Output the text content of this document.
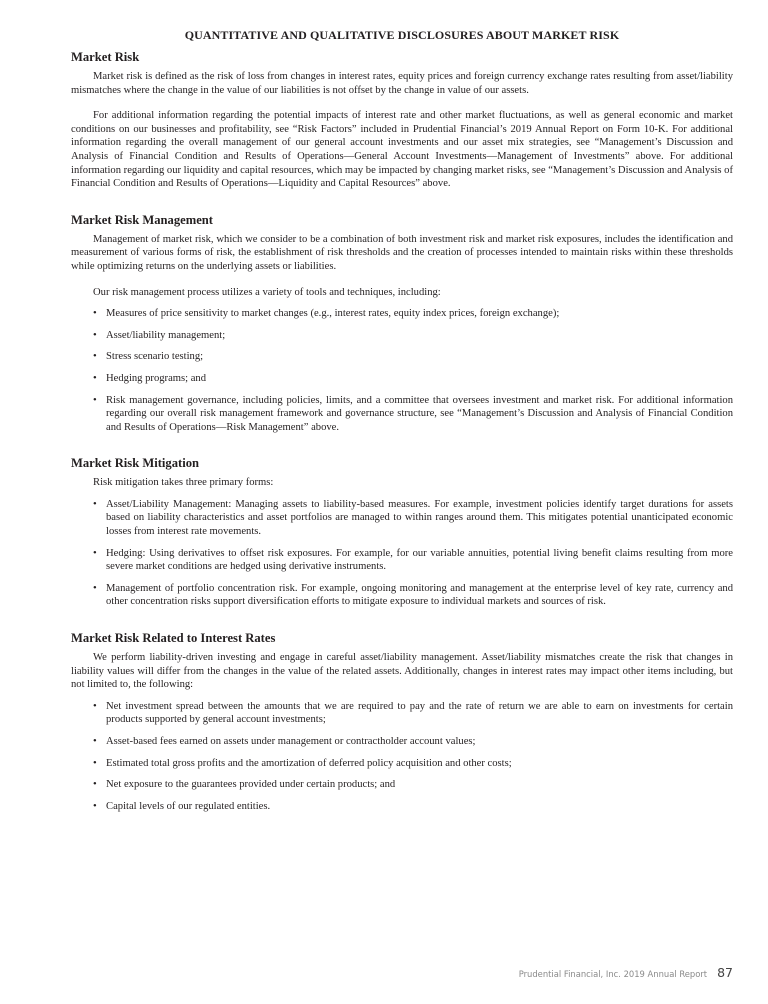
QUANTITATIVE AND QUALITATIVE DISCLOSURES ABOUT MARKET RISK
Market Risk

Market risk is defined as the risk of loss from changes in interest rates, equity prices and foreign currency exchange rates resulting from asset/liability mismatches where the change in the value of our liabilities is not offset by the change in value of our assets.

For additional information regarding the potential impacts of interest rate and other market fluctuations, as well as general economic and market conditions on our businesses and profitability, see “Risk Factors” included in Prudential Financial’s 2019 Annual Report on Form 10-K. For additional information regarding the overall management of our general account investments and our asset mix strategies, see “Management’s Discussion and Analysis of Financial Condition and Results of Operations—General Account Investments—Management of Investments” above. For additional information regarding our liquidity and capital resources, which may be impacted by changing market risks, see “Management’s Discussion and Analysis of Financial Condition and Results of Operations—Liquidity and Capital Resources” above.

Market Risk Management

Management of market risk, which we consider to be a combination of both investment risk and market risk exposures, includes the identification and measurement of various forms of risk, the establishment of risk thresholds and the creation of processes intended to maintain risks within these thresholds while optimizing returns on the underlying assets or liabilities.

Our risk management process utilizes a variety of tools and techniques, including:

• Measures of price sensitivity to market changes (e.g., interest rates, equity index prices, foreign exchange);
• Asset/liability management;
• Stress scenario testing;
• Hedging programs; and
• Risk management governance, including policies, limits, and a committee that oversees investment and market risk. For additional information regarding our overall risk management framework and governance structure, see “Management’s Discussion and Analysis of Financial Condition and Results of Operations—Risk Management” above.
Market Risk Mitigation

Risk mitigation takes three primary forms:

• Asset/Liability Management: Managing assets to liability-based measures. For example, investment policies identify target durations for assets based on liability characteristics and asset portfolios are managed to within ranges around them. This mitigates potential unanticipated economic losses from interest rate movements.
• Hedging: Using derivatives to offset risk exposures. For example, for our variable annuities, potential living benefit claims resulting from more severe market conditions are hedged using derivative instruments.
• Management of portfolio concentration risk. For example, ongoing monitoring and management at the enterprise level of key rate, currency and other concentration risks support diversification efforts to mitigate exposure to individual markets and sources of risk.
Market Risk Related to Interest Rates

We perform liability-driven investing and engage in careful asset/liability management. Asset/liability mismatches create the risk that changes in liability values will differ from the changes in the value of the related assets. Additionally, changes in interest rates may impact other items including, but not limited to, the following:

• Net investment spread between the amounts that we are required to pay and the rate of return we are able to earn on investments for certain products supported by general account investments;
• Asset-based fees earned on assets under management or contractholder account values;
• Estimated total gross profits and the amortization of deferred policy acquisition and other costs;
• Net exposure to the guarantees provided under certain products; and
• Capital levels of our regulated entities.
Prudential Financial, Inc. 2019 Annual Report 87
